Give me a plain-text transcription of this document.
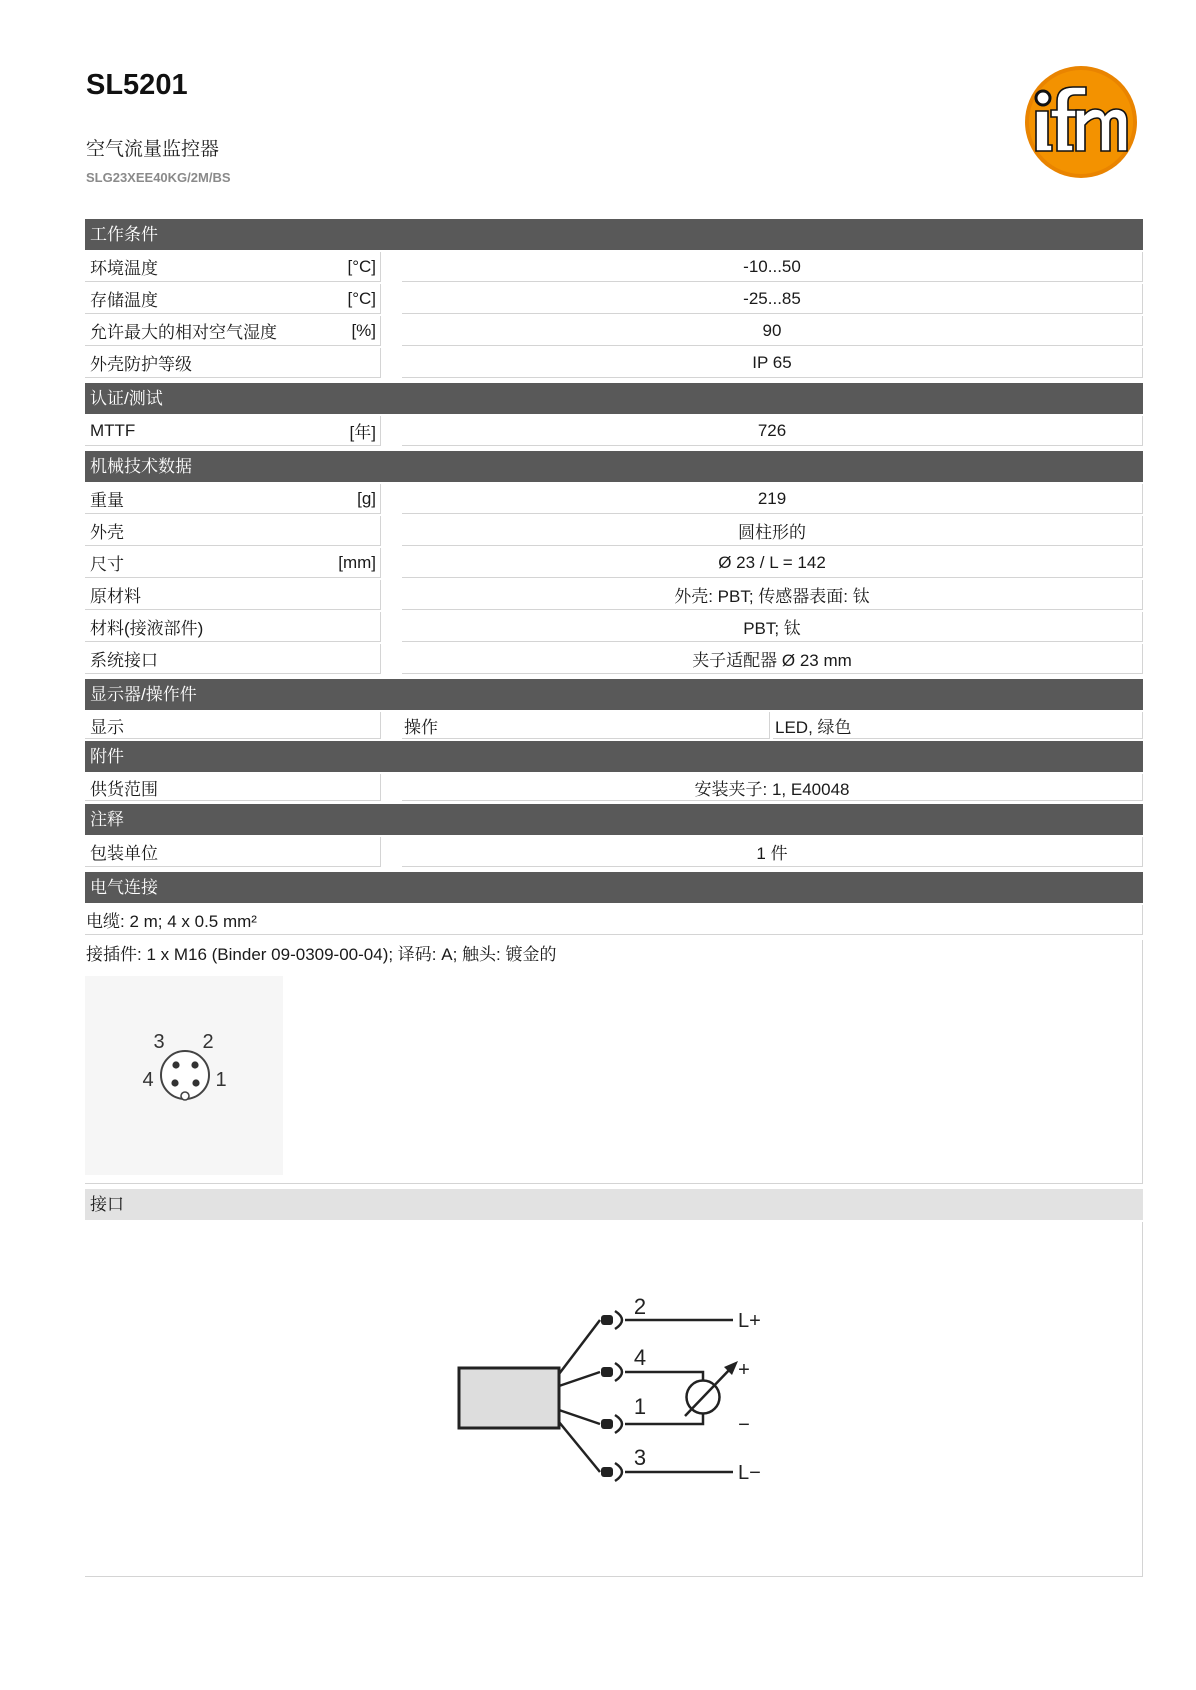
SL5201
空气流量监控器
SLG23XEE40KG/2M/BS
工作条件
环境温度	[°C]	-10...50
存储温度	[°C]	-25...85
允许最大的相对空气湿度	[%]	90
外壳防护等级	IP 65
认证/测试
MTTF	[年]	726
机械技术数据
重量	[g]	219
外壳	圆柱形的
尺寸	[mm]	Ø 23 / L = 142
原材料	外壳: PBT; 传感器表面: 钛
材料(接液部件)	PBT; 钛
系统接口	夹子适配器 Ø 23 mm
显示器/操作件
显示	操作	LED, 绿色
附件
供货范围	安装夹子: 1, E40048
注释
包装单位	1 件
电气连接
电缆: 2 m; 4 x 0.5 mm²
接插件: 1 x M16 (Binder 09-0309-00-04); 译码: A; 触头: 镀金的
3 2
4	1
接口
2
4
1
3
L+
L−
+
−
